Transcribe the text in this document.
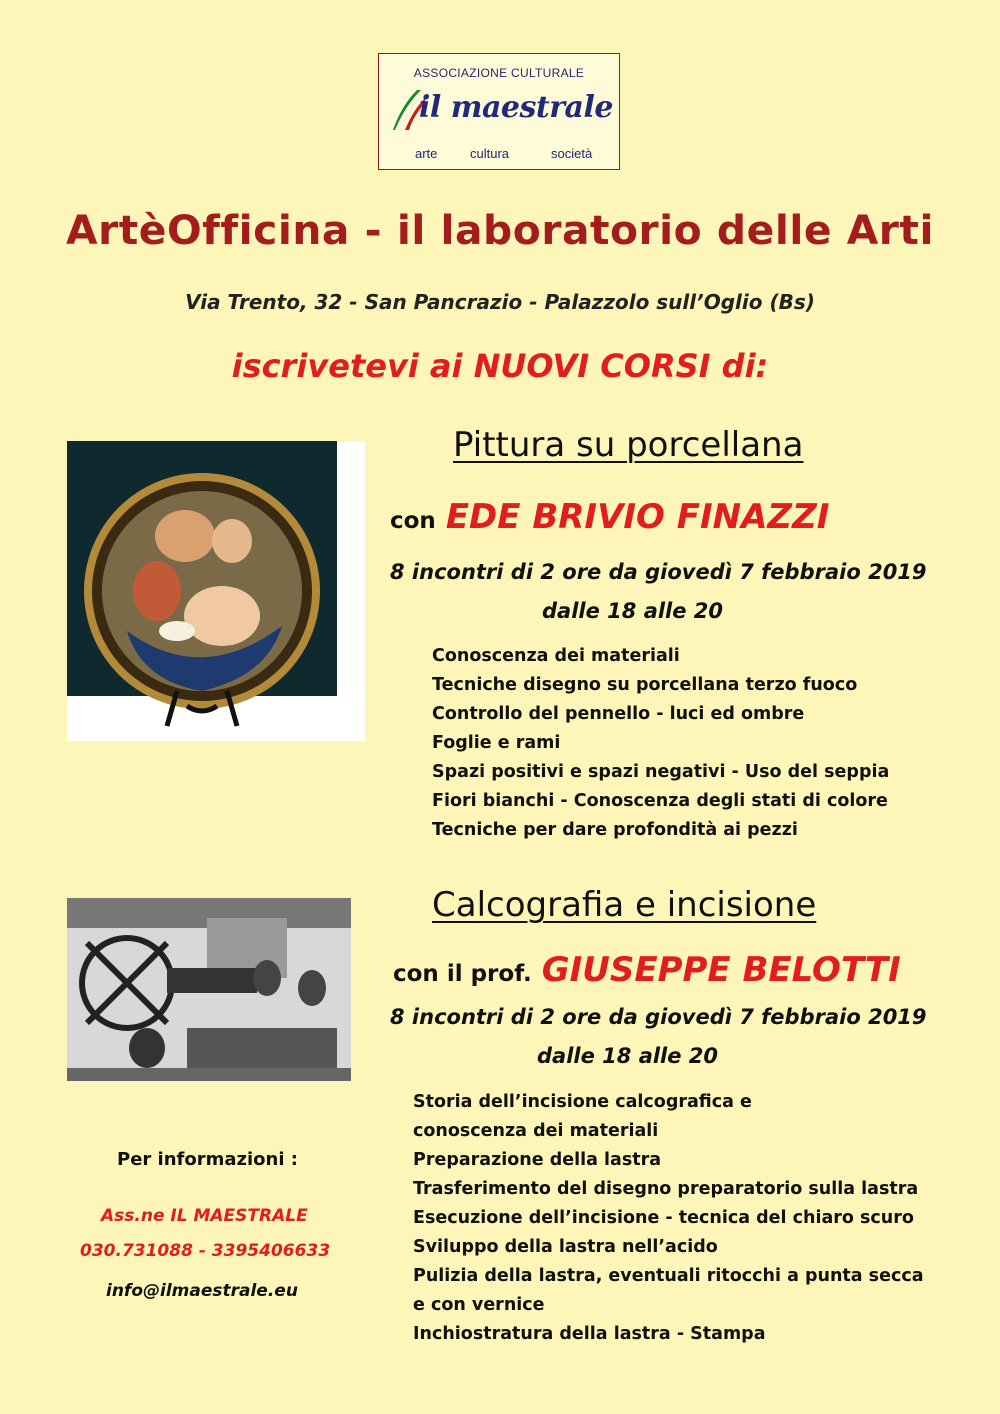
ASSOCIAZIONE CULTURALE
il maestrale
arte	cultura	società
ArtèOfficina - il laboratorio delle Arti
Via Trento, 32 - San Pancrazio - Palazzolo sull’Oglio (Bs)
iscrivetevi ai NUOVI CORSI di:
Pittura su porcellana
con EDE BRIVIO FINAZZI
8 incontri di 2 ore da giovedì 7 febbraio 2019
dalle 18 alle 20
Conoscenza dei materiali
Tecniche disegno su porcellana terzo fuoco
Controllo del pennello - luci ed ombre
Foglie e rami
Spazi positivi e spazi negativi - Uso del seppia
Fiori bianchi - Conoscenza degli stati di colore
Tecniche per dare profondità ai pezzi
Calcografia e incisione
con il prof. GIUSEPPE BELOTTI
8 incontri di 2 ore da giovedì 7 febbraio 2019
dalle 18 alle 20
Storia dell’incisione calcografica e
conoscenza dei materiali
Preparazione della lastra
Trasferimento del disegno preparatorio sulla lastra
Esecuzione dell’incisione - tecnica del chiaro scuro
Sviluppo della lastra nell’acido
Pulizia della lastra, eventuali ritocchi a punta secca
e con vernice
Inchiostratura della lastra - Stampa
Per informazioni :
Ass.ne IL MAESTRALE
030.731088 - 3395406633
info@ilmaestrale.eu
